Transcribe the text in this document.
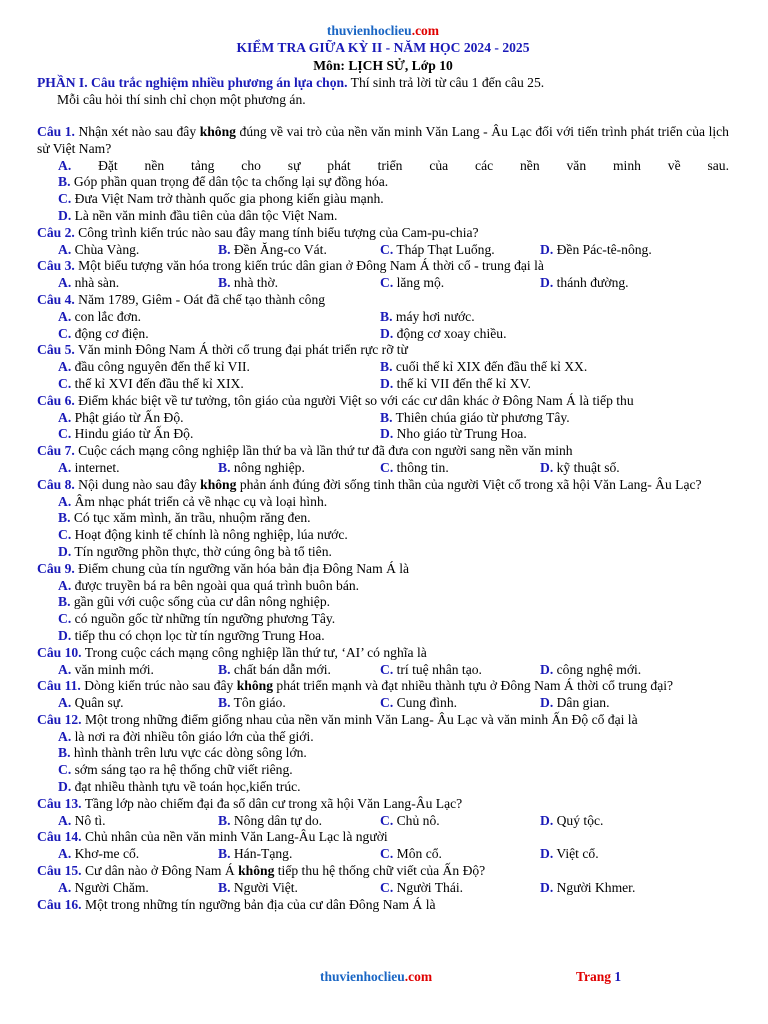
thuvienhoclieu.com
KIỂM TRA GIỮA KỲ II - NĂM HỌC 2024 - 2025
Môn: LỊCH SỬ, Lớp 10
PHẦN I. Câu trắc nghiệm nhiều phương án lựa chọn. Thí sinh trả lời từ câu 1 đến câu 25.
Mỗi câu hỏi thí sinh chỉ chọn một phương án.
Câu 1. Nhận xét nào sau đây không đúng về vai trò của nền văn minh Văn Lang - Âu Lạc đối với tiến trình phát triển của lịch sử Việt Nam?
A. Đặt nền tảng cho sự phát triển của các nền văn minh về sau.
B. Góp phần quan trọng để dân tộc ta chống lại sự đồng hóa.
C. Đưa Việt Nam trở thành quốc gia phong kiến giàu mạnh.
D. Là nền văn minh đầu tiên của dân tộc Việt Nam.
Câu 2. Công trình kiến trúc nào sau đây mang tính biểu tượng của Cam-pu-chia?
A. Chùa Vàng.	B. Đền Ăng-co Vát.	C. Tháp Thạt Luổng.	D. Đền Pác-tê-nông.
Câu 3. Một biểu tượng văn hóa trong kiến trúc dân gian ở Đông Nam Á thời cổ - trung đại là
A. nhà sàn.	B. nhà thờ.	C. lăng mộ.	D. thánh đường.
Câu 4. Năm 1789, Giêm - Oát đã chế tạo thành công
A. con lắc đơn.	B. máy hơi nước.
C. động cơ điện.	D. động cơ xoay chiều.
Câu 5. Văn minh Đông Nam Á thời cổ trung đại phát triển rực rỡ từ
A. đầu công nguyên đến thế kỉ VII.	B. cuối thế kỉ XIX đến đầu thế kỉ XX.
C. thế kỉ XVI đến đầu thế kỉ XIX.	D. thế kỉ VII đến thế kỉ XV.
Câu 6. Điểm khác biệt về tư tưởng, tôn giáo của người Việt so với các cư dân khác ở Đông Nam Á là tiếp thu
A. Phật giáo từ Ấn Độ.	B. Thiên chúa giáo từ phương Tây.
C. Hindu giáo từ Ấn Độ.	D. Nho giáo từ Trung Hoa.
Câu 7. Cuộc cách mạng công nghiệp lần thứ ba và lần thứ tư đã đưa con người sang nền văn minh
A. internet.	B. nông nghiệp.	C. thông tin.	D. kỹ thuật số.
Câu 8. Nội dung nào sau đây không phản ánh đúng đời sống tinh thần của người Việt cổ trong xã hội Văn Lang- Âu Lạc?
A. Âm nhạc phát triển cả về nhạc cụ và loại hình.
B. Có tục xăm mình, ăn trầu, nhuộm răng đen.
C. Hoạt động kinh tế chính là nông nghiệp, lúa nước.
D. Tín ngưỡng phồn thực, thờ cúng ông bà tổ tiên.
Câu 9. Điểm chung của tín ngưỡng văn hóa bản địa Đông Nam Á là
A. được truyền bá ra bên ngoài qua quá trình buôn bán.
B. gần gũi với cuộc sống của cư dân nông nghiệp.
C. có nguồn gốc từ những tín ngưỡng phương Tây.
D. tiếp thu có chọn lọc từ tín ngưỡng Trung Hoa.
Câu 10. Trong cuộc cách mạng công nghiệp lần thứ tư, ‘AI’ có nghĩa là
A. văn minh mới.	B. chất bán dẫn mới.	C. trí tuệ nhân tạo.	D. công nghệ mới.
Câu 11. Dòng kiến trúc nào sau đây không phát triển mạnh và đạt nhiều thành tựu ở Đông Nam Á thời cổ trung đại?
A. Quân sự.	B. Tôn giáo.	C. Cung đình.	D. Dân gian.
Câu 12. Một trong những điểm giống nhau của nền văn minh Văn Lang- Âu Lạc và văn minh Ấn Độ cổ đại là
A. là nơi ra đời nhiều tôn giáo lớn của thế giới.
B. hình thành trên lưu vực các dòng sông lớn.
C. sớm sáng tạo ra hệ thống chữ viết riêng.
D. đạt nhiều thành tựu về toán học,kiến trúc.
Câu 13. Tầng lớp nào chiếm đại đa số dân cư trong xã hội Văn Lang-Âu Lạc?
A. Nô tì.	B. Nông dân tự do.	C. Chủ nô.	D. Quý tộc.
Câu 14. Chủ nhân của nền văn minh Văn Lang-Âu Lạc là người
A. Khơ-me cổ.	B. Hán-Tạng.	C. Môn cổ.	D. Việt cổ.
Câu 15. Cư dân nào ở Đông Nam Á không tiếp thu hệ thống chữ viết của Ấn Độ?
A. Người Chăm.	B. Người Việt.	C. Người Thái.	D. Người Khmer.
Câu 16. Một trong những tín ngưỡng bản địa của cư dân Đông Nam Á là
thuvienhoclieu.com	Trang 1
